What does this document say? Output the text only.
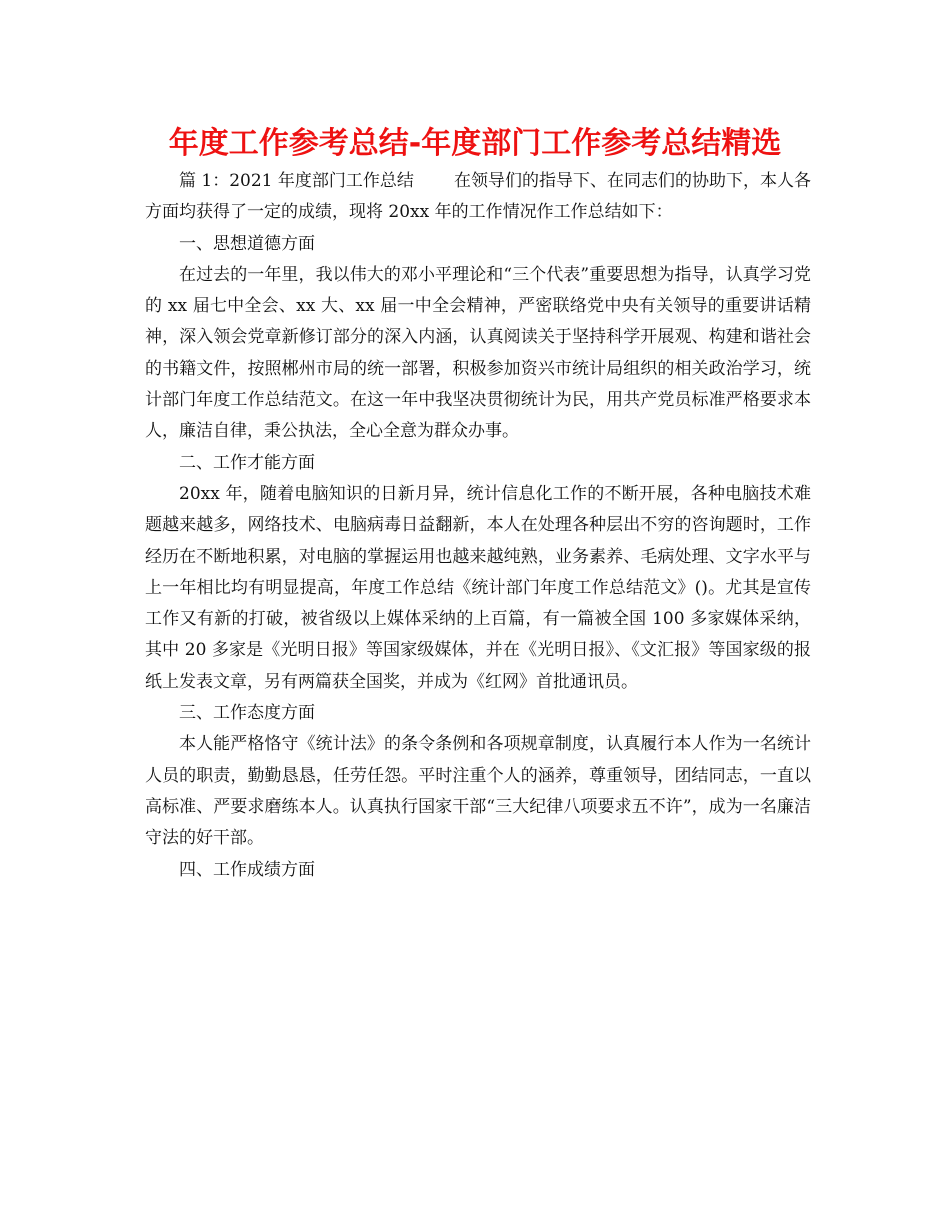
年度工作参考总结-年度部门工作参考总结精选

篇 1：2021 年度部门工作总结 在领导们的指导下、在同志们的协助下，本人各方面均获得了一定的成绩，现将 20xx 年的工作情况作工作总结如下：

一、思想道德方面

在过去的一年里，我以伟大的邓小平理论和“三个代表”重要思想为指导，认真学习党的 xx 届七中全会、xx 大、xx 届一中全会精神，严密联络党中央有关领导的重要讲话精神，深入领会党章新修订部分的深入内涵，认真阅读关于坚持科学开展观、构建和谐社会的书籍文件，按照郴州市局的统一部署，积极参加资兴市统计局组织的相关政治学习，统计部门年度工作总结范文。在这一年中我坚决贯彻统计为民，用共产党员标准严格要求本人，廉洁自律，秉公执法，全心全意为群众办事。

二、工作才能方面

20xx 年，随着电脑知识的日新月异，统计信息化工作的不断开展，各种电脑技术难题越来越多，网络技术、电脑病毒日益翻新，本人在处理各种层出不穷的咨询题时，工作经历在不断地积累，对电脑的掌握运用也越来越纯熟，业务素养、毛病处理、文字水平与上一年相比均有明显提高，年度工作总结《统计部门年度工作总结范文》()。尤其是宣传工作又有新的打破，被省级以上媒体采纳的上百篇，有一篇被全国 100 多家媒体采纳，其中 20 多家是《光明日报》等国家级媒体，并在《光明日报》、《文汇报》等国家级的报纸上发表文章，另有两篇获全国奖，并成为《红网》首批通讯员。

三、工作态度方面

本人能严格恪守《统计法》的条令条例和各项规章制度，认真履行本人作为一名统计人员的职责，勤勤恳恳，任劳任怨。平时注重个人的涵养，尊重领导，团结同志，一直以高标准、严要求磨练本人。认真执行国家干部“三大纪律八项要求五不许”，成为一名廉洁守法的好干部。

四、工作成绩方面
